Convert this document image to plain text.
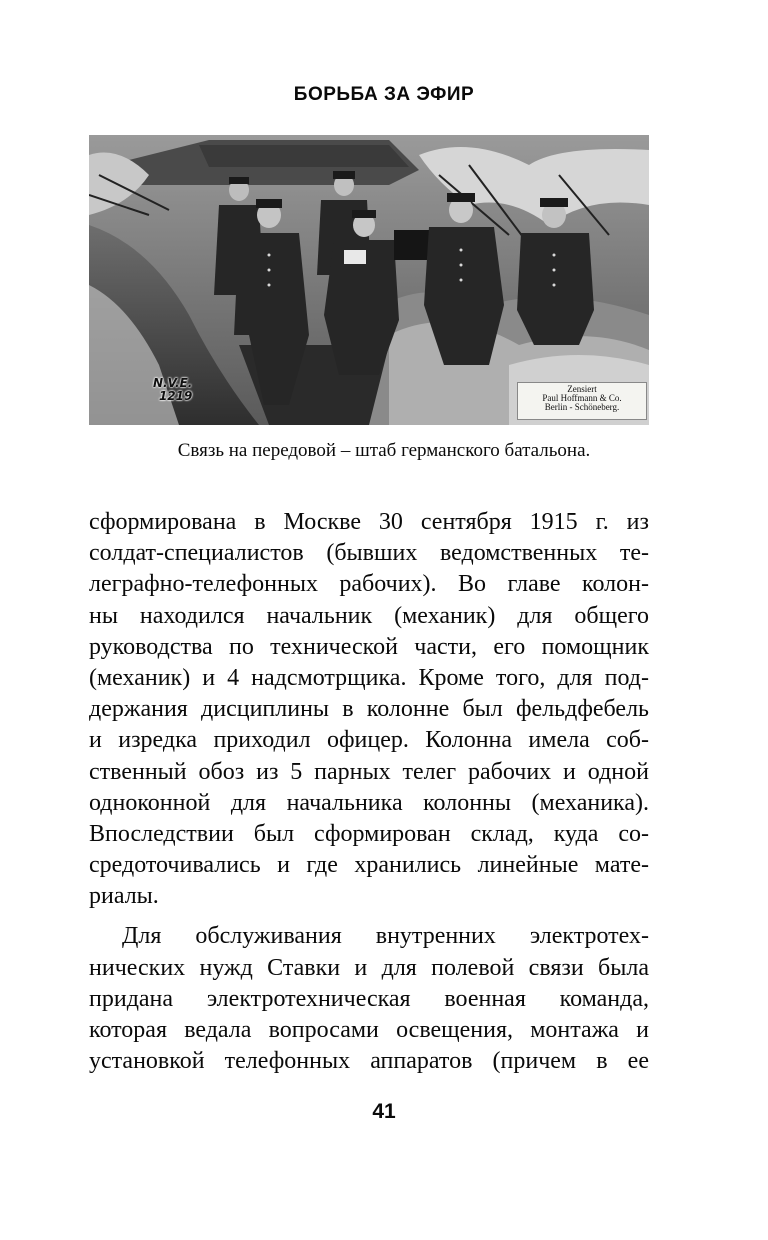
БОРЬБА ЗА ЭФИР
N.V.E.
1219	Zensiert
Paul Hoffmann & Co.
Berlin - Schöneberg.
Связь на передовой – штаб германского батальона.
сформирована в Москве 30 сентября 1915 г. из
солдат-специалистов (бывших ведомственных те-
леграфно-телефонных рабочих). Во главе колон-
ны находился начальник (механик) для общего
руководства по технической части, его помощник
(механик) и 4 надсмотрщика. Кроме того, для под-
держания дисциплины в колонне был фельдфебель
и изредка приходил офицер. Колонна имела соб-
ственный обоз из 5 парных телег рабочих и одной
одноконной для начальника колонны (механика).
Впоследствии был сформирован склад, куда со-
средоточивались и где хранились линейные мате-
риалы.
Для обслуживания внутренних электротех-
нических нужд Ставки и для полевой связи была
придана электротехническая военная команда,
которая ведала вопросами освещения, монтажа и
установкой телефонных аппаратов (причем в ее
41
